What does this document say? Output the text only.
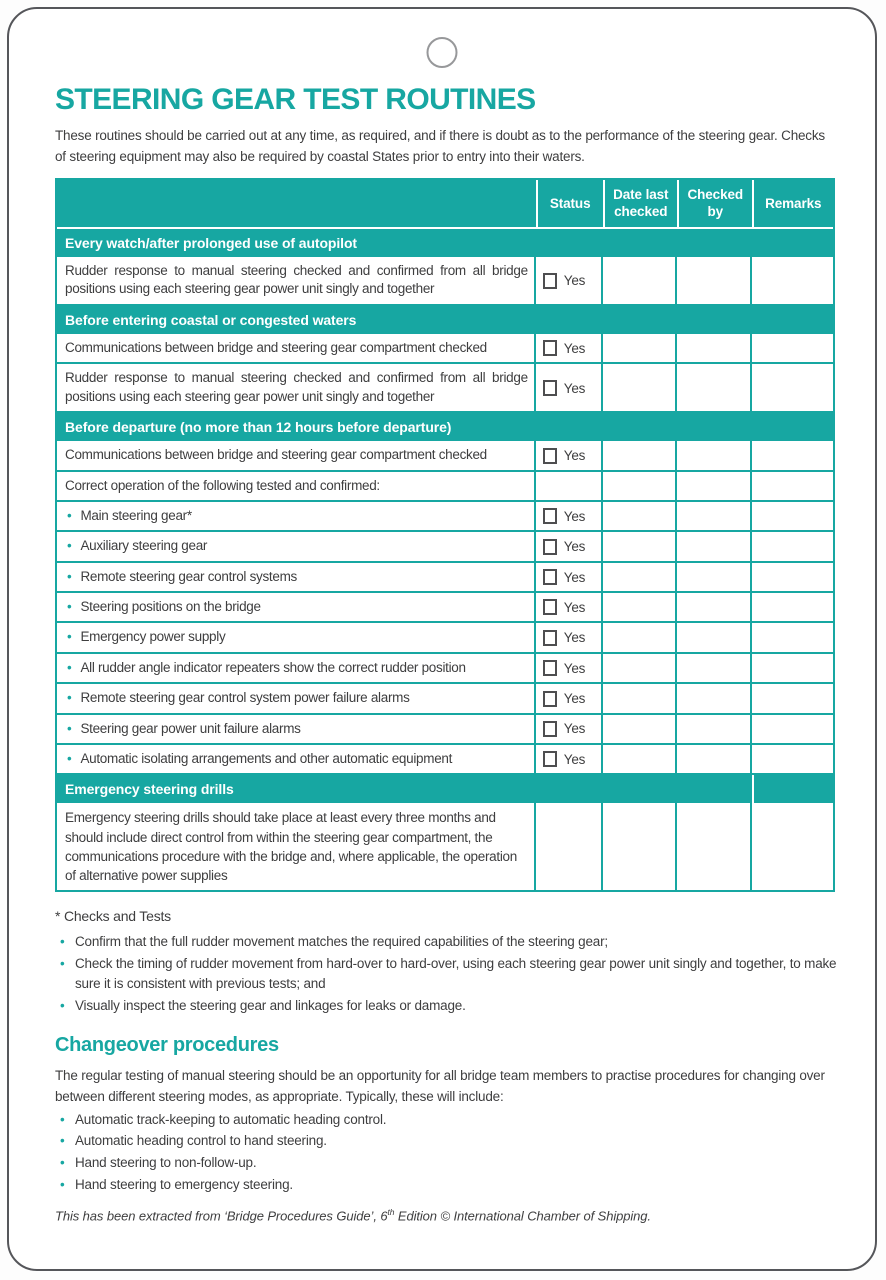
STEERING GEAR TEST ROUTINES

These routines should be carried out at any time, as required, and if there is doubt as to the performance of the steering gear. Checks of steering equipment may also be required by coastal States prior to entry into their waters.

	Status	Date last checked	Checked by	Remarks
Every watch/after prolonged use of autopilot				
Rudder response to manual steering checked and confirmed from all bridge positions using each steering gear power unit singly and together	Yes			
Before entering coastal or congested waters				
Communications between bridge and steering gear compartment checked	Yes			
Rudder response to manual steering checked and confirmed from all bridge positions using each steering gear power unit singly and together	Yes			
Before departure (no more than 12 hours before departure)				
Communications between bridge and steering gear compartment checked	Yes			
Correct operation of the following tested and confirmed:				
• Main steering gear*	Yes			
• Auxiliary steering gear	Yes			
• Remote steering gear control systems	Yes			
• Steering positions on the bridge	Yes			
• Emergency power supply	Yes			
• All rudder angle indicator repeaters show the correct rudder position	Yes			
• Remote steering gear control system power failure alarms	Yes			
• Steering gear power unit failure alarms	Yes			
• Automatic isolating arrangements and other automatic equipment	Yes			
Emergency steering drills				
Emergency steering drills should take place at least every three months and should include direct control from within the steering gear compartment, the communications procedure with the bridge and, where applicable, the operation of alternative power supplies				

* Checks and Tests

• Confirm that the full rudder movement matches the required capabilities of the steering gear;
• Check the timing of rudder movement from hard-over to hard-over, using each steering gear power unit singly and together, to make sure it is consistent with previous tests; and
• Visually inspect the steering gear and linkages for leaks or damage.
Changeover procedures

The regular testing of manual steering should be an opportunity for all bridge team members to practise procedures for changing over between different steering modes, as appropriate. Typically, these will include:

• Automatic track-keeping to automatic heading control.
• Automatic heading control to hand steering.
• Hand steering to non-follow-up.
• Hand steering to emergency steering.

This has been extracted from ‘Bridge Procedures Guide’, 6th Edition © International Chamber of Shipping.
